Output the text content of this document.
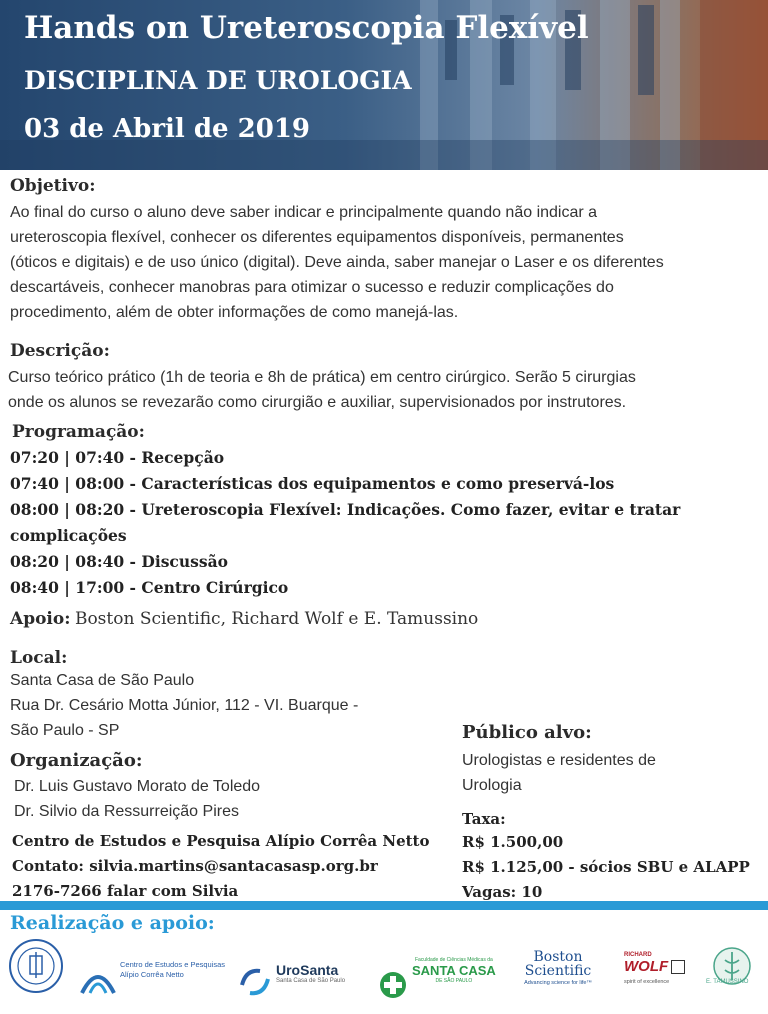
Hands on Ureteroscopia Flexível
DISCIPLINA DE UROLOGIA
03 de Abril de 2019
Objetivo:
Ao final do curso o aluno deve saber indicar e principalmente quando não indicar a
ureteroscopia flexível, conhecer os diferentes equipamentos disponíveis, permanentes
(óticos e digitais) e de uso único (digital). Deve ainda, saber manejar o Laser e os diferentes
descartáveis, conhecer manobras para otimizar o sucesso e reduzir complicações do
procedimento, além de obter informações de como manejá-las.
Descrição:
Curso teórico prático (1h de teoria e 8h de prática) em centro cirúrgico. Serão 5 cirurgias
onde os alunos se revezarão como cirurgião e auxiliar, supervisionados por instrutores.
Programação:
07:20 | 07:40 - Recepção
07:40 | 08:00 - Características dos equipamentos e como preservá-los
08:00 | 08:20 - Ureteroscopia Flexível: Indicações. Como fazer, evitar e tratar
complicações
08:20 | 08:40 - Discussão
08:40 | 17:00 - Centro Cirúrgico
Apoio: Boston Scientific, Richard Wolf e E. Tamussino
Local:
Santa Casa de São Paulo
Rua Dr. Cesário Motta Júnior, 112 - VI. Buarque -
São Paulo - SP
Organização:
Dr. Luis Gustavo Morato de Toledo
Dr. Silvio da Ressurreição Pires
Centro de Estudos e Pesquisa Alípio Corrêa Netto
Contato: silvia.martins@santacasasp.org.br
2176-7266 falar com Silvia
Público alvo:
Urologistas e residentes de
Urologia
Taxa:
R$ 1.500,00
R$ 1.125,00 - sócios SBU e ALAPP
Vagas: 10
Realização e apoio:
Centro de Estudos e Pesquisas
Alípio Corrêa Netto	UroSanta
Santa Casa de São Paulo
Faculdade de Ciências Médicas da
SANTA CASA
DE SÃO PAULO
Boston
Scientific
Advancing science for life™
RICHARD
WOLF
spirit of excellence	E. TAMUSSINO
